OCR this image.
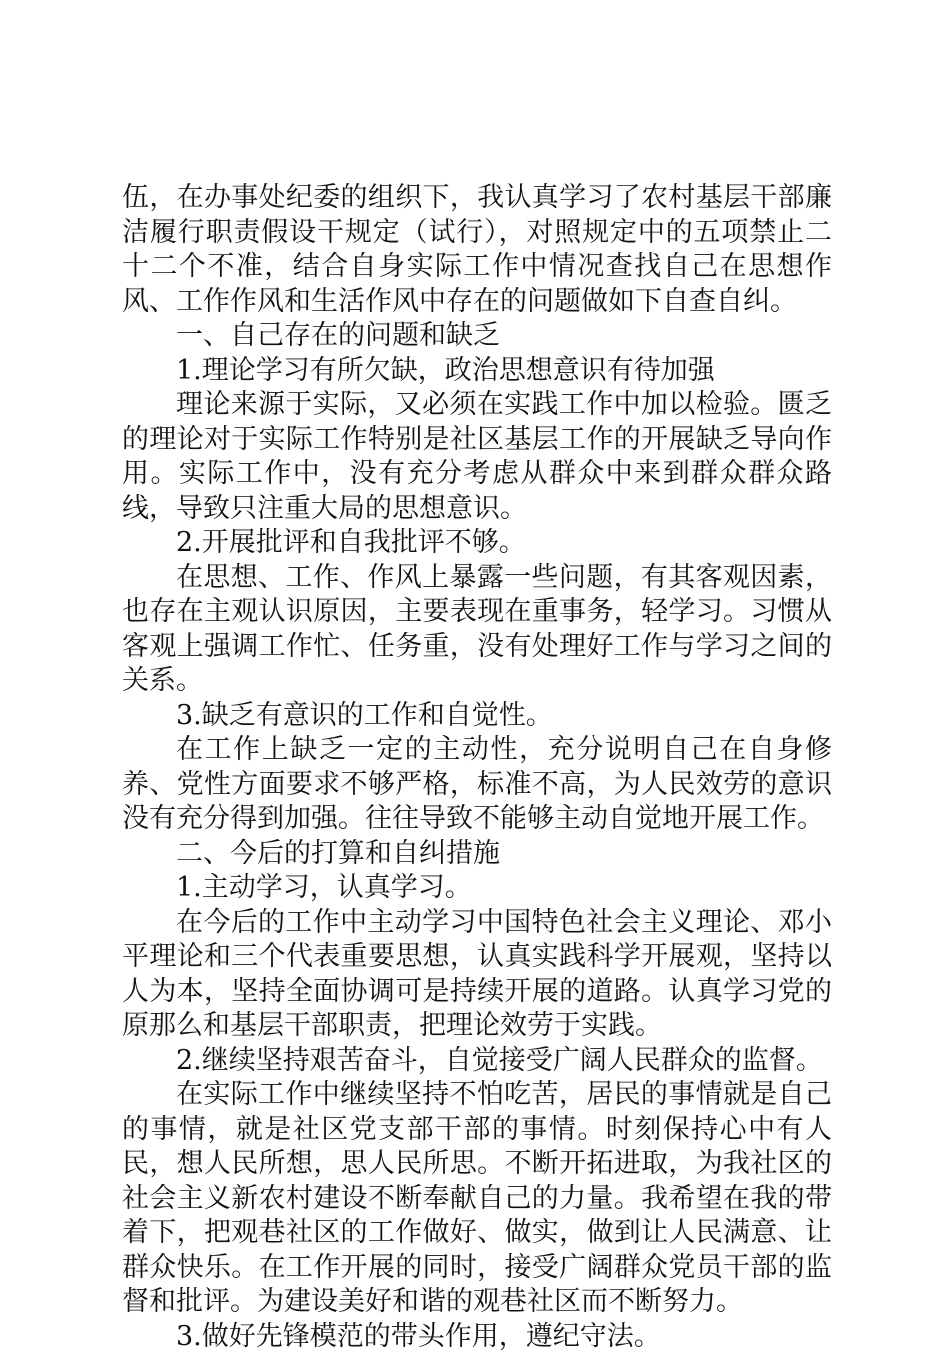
伍，在办事处纪委的组织下，我认真学习了农村基层干部廉洁履行职责假设干规定（试行），对照规定中的五项禁止二十二个不准，结合自身实际工作中情况查找自己在思想作风、工作作风和生活作风中存在的问题做如下自查自纠。

一、自己存在的问题和缺乏

1.理论学习有所欠缺，政治思想意识有待加强

理论来源于实际，又必须在实践工作中加以检验。匮乏的理论对于实际工作特别是社区基层工作的开展缺乏导向作用。实际工作中，没有充分考虑从群众中来到群众群众路线，导致只注重大局的思想意识。

2.开展批评和自我批评不够。

在思想、工作、作风上暴露一些问题，有其客观因素，也存在主观认识原因，主要表现在重事务，轻学习。习惯从客观上强调工作忙、任务重，没有处理好工作与学习之间的关系。

3.缺乏有意识的工作和自觉性。

在工作上缺乏一定的主动性，充分说明自己在自身修养、党性方面要求不够严格，标准不高，为人民效劳的意识没有充分得到加强。往往导致不能够主动自觉地开展工作。

二、今后的打算和自纠措施

1.主动学习，认真学习。

在今后的工作中主动学习中国特色社会主义理论、邓小平理论和三个代表重要思想，认真实践科学开展观，坚持以人为本，坚持全面协调可是持续开展的道路。认真学习党的原那么和基层干部职责，把理论效劳于实践。

2.继续坚持艰苦奋斗，自觉接受广阔人民群众的监督。

在实际工作中继续坚持不怕吃苦，居民的事情就是自己的事情，就是社区党支部干部的事情。时刻保持心中有人民，想人民所想，思人民所思。不断开拓进取，为我社区的社会主义新农村建设不断奉献自己的力量。我希望在我的带着下，把观巷社区的工作做好、做实，做到让人民满意、让群众快乐。在工作开展的同时，接受广阔群众党员干部的监督和批评。为建设美好和谐的观巷社区而不断努力。

3.做好先锋模范的带头作用，遵纪守法。
